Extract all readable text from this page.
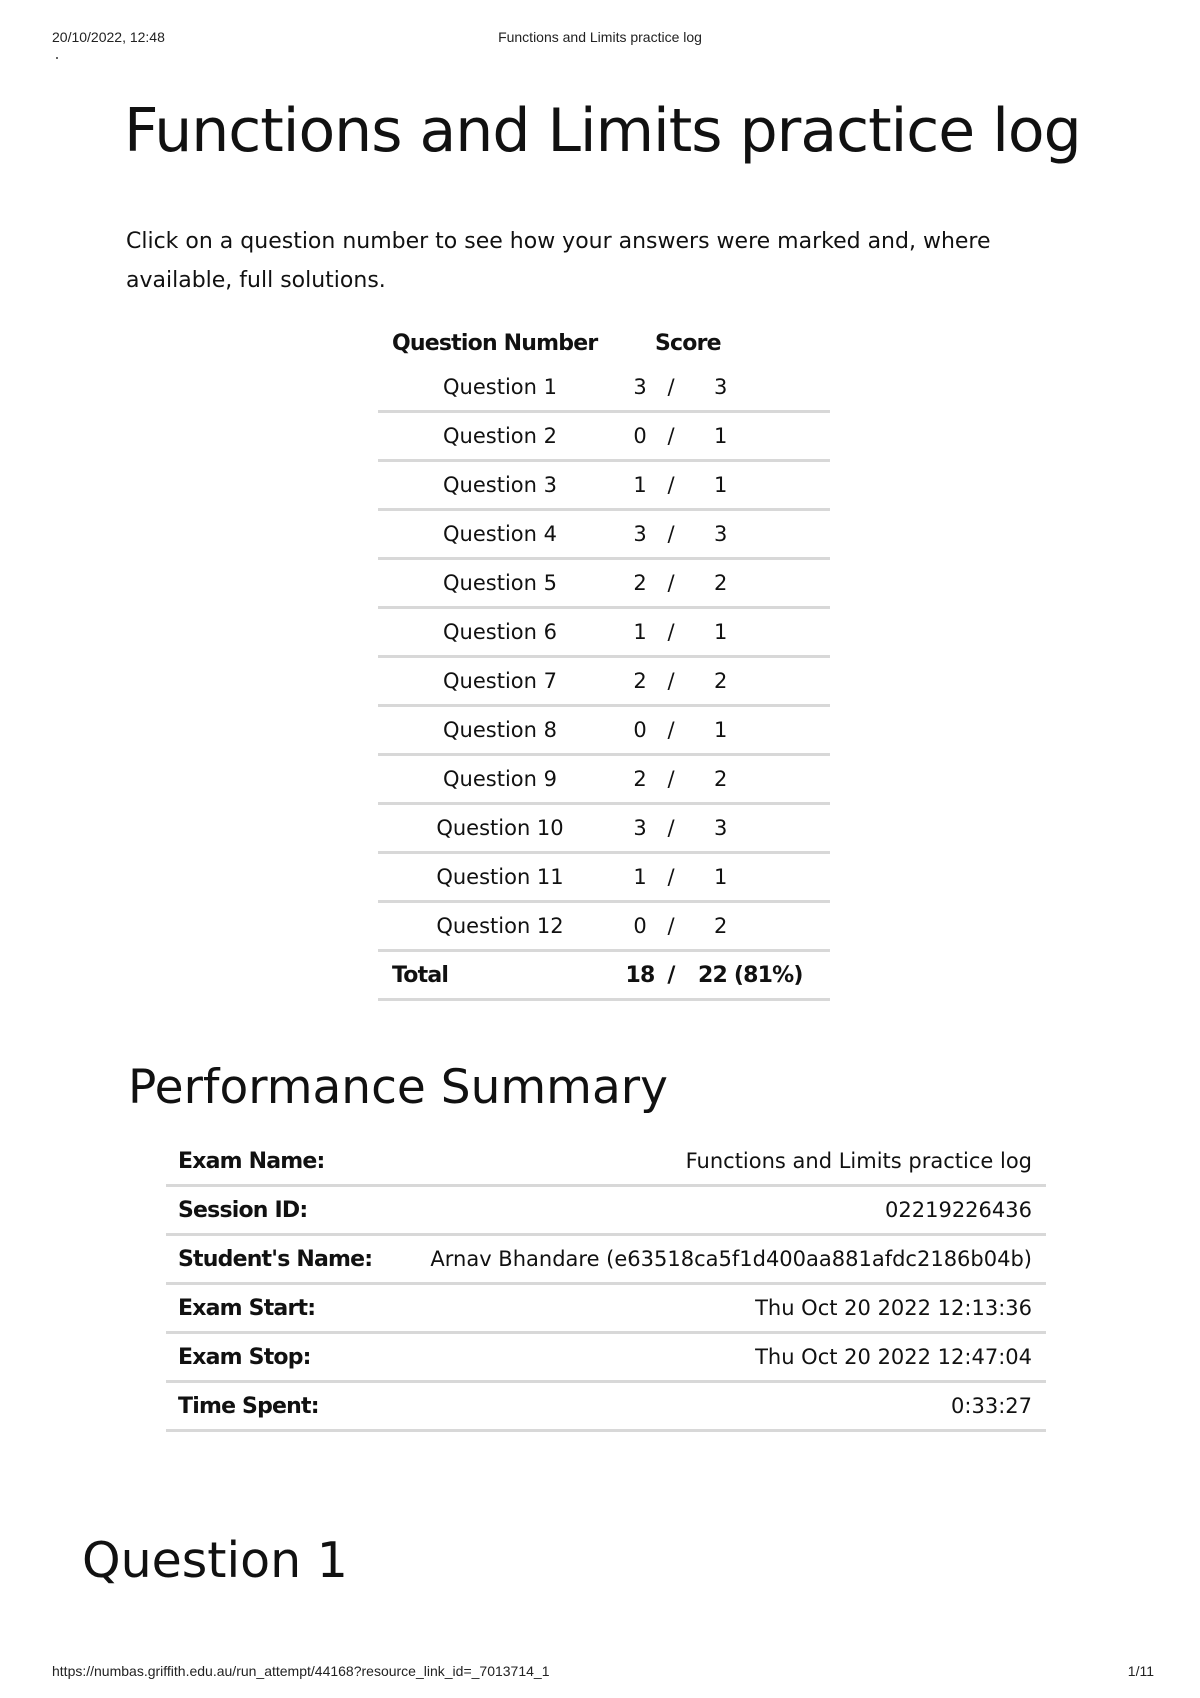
20/10/2022, 12:48	Functions and Limits practice log
Functions and Limits practice log

Click on a question number to see how your answers were marked and, where available, full solutions.

Question Number	Score		
Question 1	3	/	3
Question 2	0	/	1
Question 3	1	/	1
Question 4	3	/	3
Question 5	2	/	2
Question 6	1	/	1
Question 7	2	/	2
Question 8	0	/	1
Question 9	2	/	2
Question 10	3	/	3
Question 11	1	/	1
Question 12	0	/	2
Total	18	/	22 (81%)
Performance Summary
Exam Name:	Functions and Limits practice log
Session ID:	02219226436
Student's Name:	Arnav Bhandare (e63518ca5f1d400aa881afdc2186b04b)
Exam Start:	Thu Oct 20 2022 12:13:36
Exam Stop:	Thu Oct 20 2022 12:47:04
Time Spent:	0:33:27
Question 1
https://numbas.griffith.edu.au/run_attempt/44168?resource_link_id=_7013714_1	1/11
